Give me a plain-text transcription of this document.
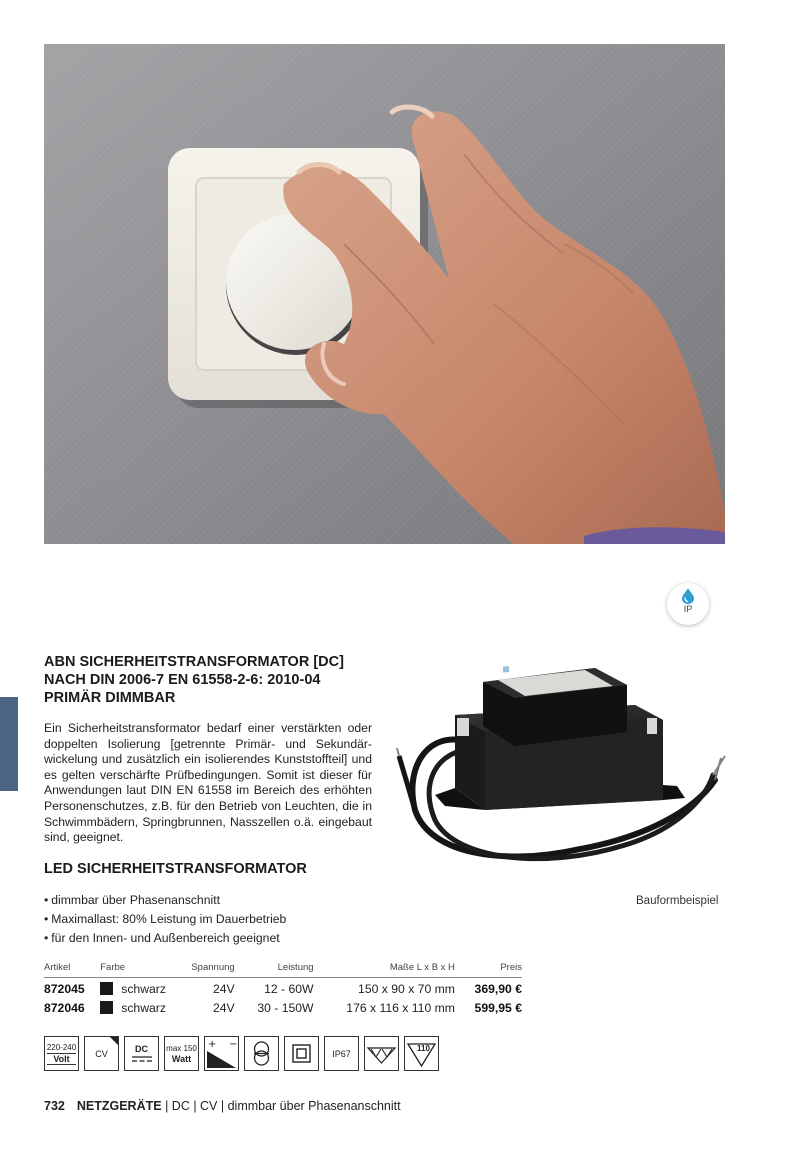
IP
ABN SICHERHEITSTRANSFORMATOR [DC]
NACH DIN 2006-7 EN 61558-2-6: 2010-04
PRIMÄR DIMMBAR

Ein Sicherheitstransformator bedarf einer verstärkten oder doppelten Isolierung [getrennte Primär- und Sekundär-wickelung und zusätzlich ein isolierendes Kunststoffteil] und es gelten verschärfte Prüfbedingungen. Somit ist dieser für Anwendungen laut DIN EN 61558 im Bereich des erhöhten Personenschutzes, z.B. für den Betrieb von Leuchten, die in Schwimmbädern, Springbrunnen, Nasszellen o.ä. eingebaut sind, geeignet.

Bauformbeispiel
LED SICHERHEITSTRANSFORMATOR
• dimmbar über Phasenanschnitt
• Maximallast: 80% Leistung im Dauerbetrieb
• für den Innen- und Außenbereich geeignet
Artikel	Farbe	Spannung	Leistung	Maße L x B x H	Preis
872045	schwarz	24V	12 - 60W	150 x 90 x 70 mm	369,90 €
872046	schwarz	24V	30 - 150W	176 x 116 x 110 mm	599,95 €
220-240
Volt	CV	DC	max 150
Watt
+ −
IP67	110
732 NETZGERÄTE | DC | CV | dimmbar über Phasenanschnitt
